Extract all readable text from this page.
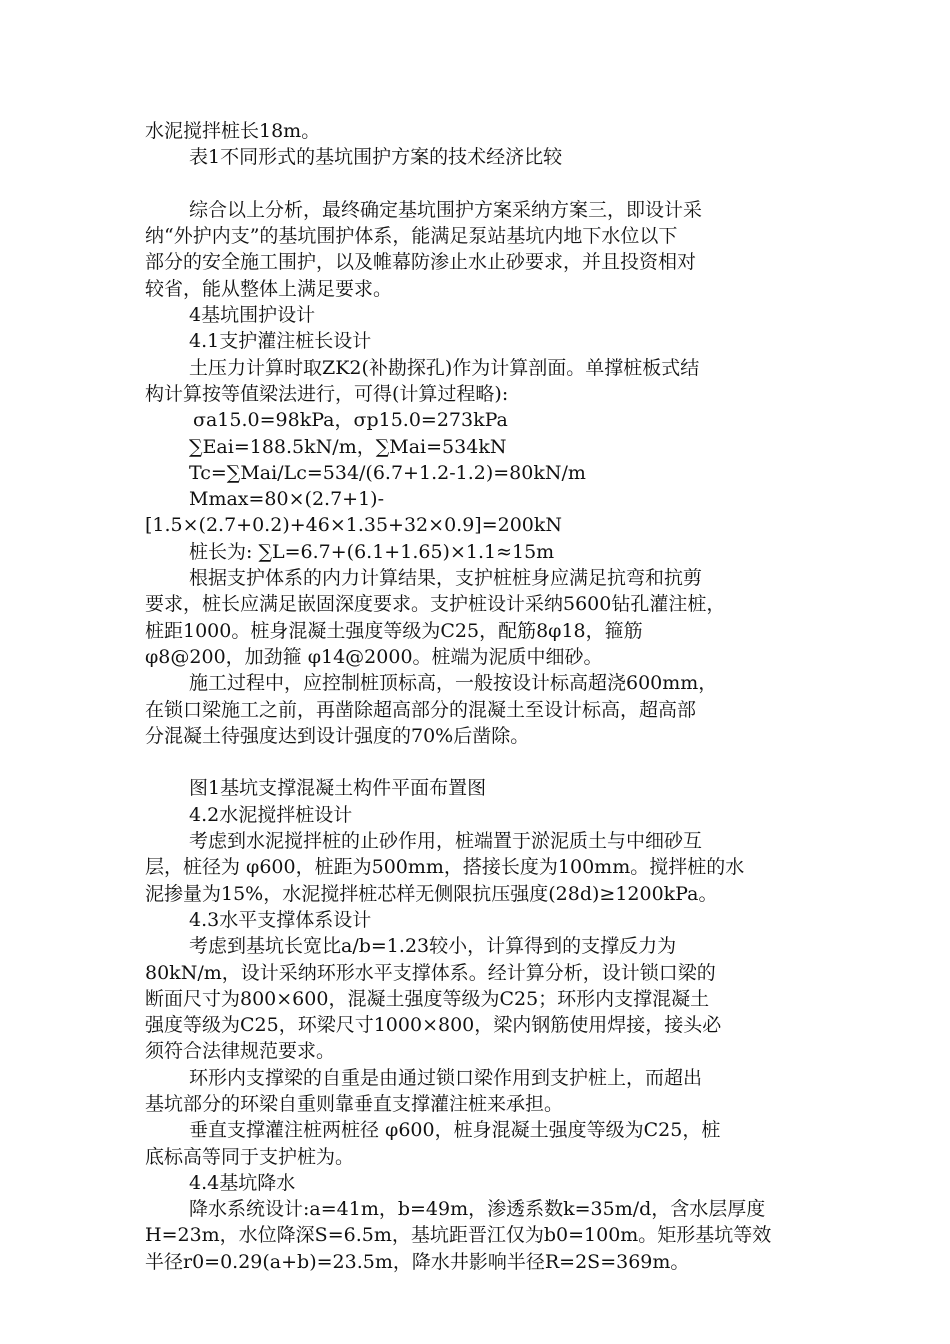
水泥搅拌桩长18m。
表1不同形式的基坑围护方案的技术经济比较
综合以上分析，最终确定基坑围护方案采纳方案三，即设计采
纳“外护内支”的基坑围护体系，能满足泵站基坑内地下水位以下
部分的安全施工围护，以及帷幕防渗止水止砂要求，并且投资相对
较省，能从整体上满足要求。
4基坑围护设计
4.1支护灌注桩长设计
土压力计算时取ZK2(补勘探孔)作为计算剖面。单撑桩板式结
构计算按等值梁法进行，可得(计算过程略):
σa15.0=98kPa，σp15.0=273kPa
∑Eai=188.5kN/m，∑Mai=534kN
Tc=∑Mai/Lc=534/(6.7+1.2-1.2)=80kN/m
Mmax=80×(2.7+1)-
[1.5×(2.7+0.2)+46×1.35+32×0.9]=200kN
桩长为: ∑L=6.7+(6.1+1.65)×1.1≈15m
根据支护体系的内力计算结果，支护桩桩身应满足抗弯和抗剪
要求，桩长应满足嵌固深度要求。支护桩设计采纳5600钻孔灌注桩，
桩距1000。桩身混凝土强度等级为C25，配筋8φ18，箍筋
φ8@200，加劲箍 φ14@2000。桩端为泥质中细砂。
施工过程中，应控制桩顶标高，一般按设计标高超浇600mm，
在锁口梁施工之前，再凿除超高部分的混凝土至设计标高，超高部
分混凝土待强度达到设计强度的70%后凿除。
图1基坑支撑混凝土构件平面布置图
4.2水泥搅拌桩设计
考虑到水泥搅拌桩的止砂作用，桩端置于淤泥质土与中细砂互
层，桩径为 φ600，桩距为500mm，搭接长度为100mm。搅拌桩的水
泥掺量为15%，水泥搅拌桩芯样无侧限抗压强度(28d)≥1200kPa。
4.3水平支撑体系设计
考虑到基坑长宽比a/b=1.23较小，计算得到的支撑反力为
80kN/m，设计采纳环形水平支撑体系。经计算分析，设计锁口梁的
断面尺寸为800×600，混凝土强度等级为C25；环形内支撑混凝土
强度等级为C25，环梁尺寸1000×800，梁内钢筋使用焊接，接头必
须符合法律规范要求。
环形内支撑梁的自重是由通过锁口梁作用到支护桩上，而超出
基坑部分的环梁自重则靠垂直支撑灌注桩来承担。
垂直支撑灌注桩两桩径 φ600，桩身混凝土强度等级为C25，桩
底标高等同于支护桩为。
4.4基坑降水
降水系统设计:a=41m，b=49m，渗透系数k=35m/d，含水层厚度
H=23m，水位降深S=6.5m，基坑距晋江仅为b0=100m。矩形基坑等效
半径r0=0.29(a+b)=23.5m，降水井影响半径R=2S=369m。
